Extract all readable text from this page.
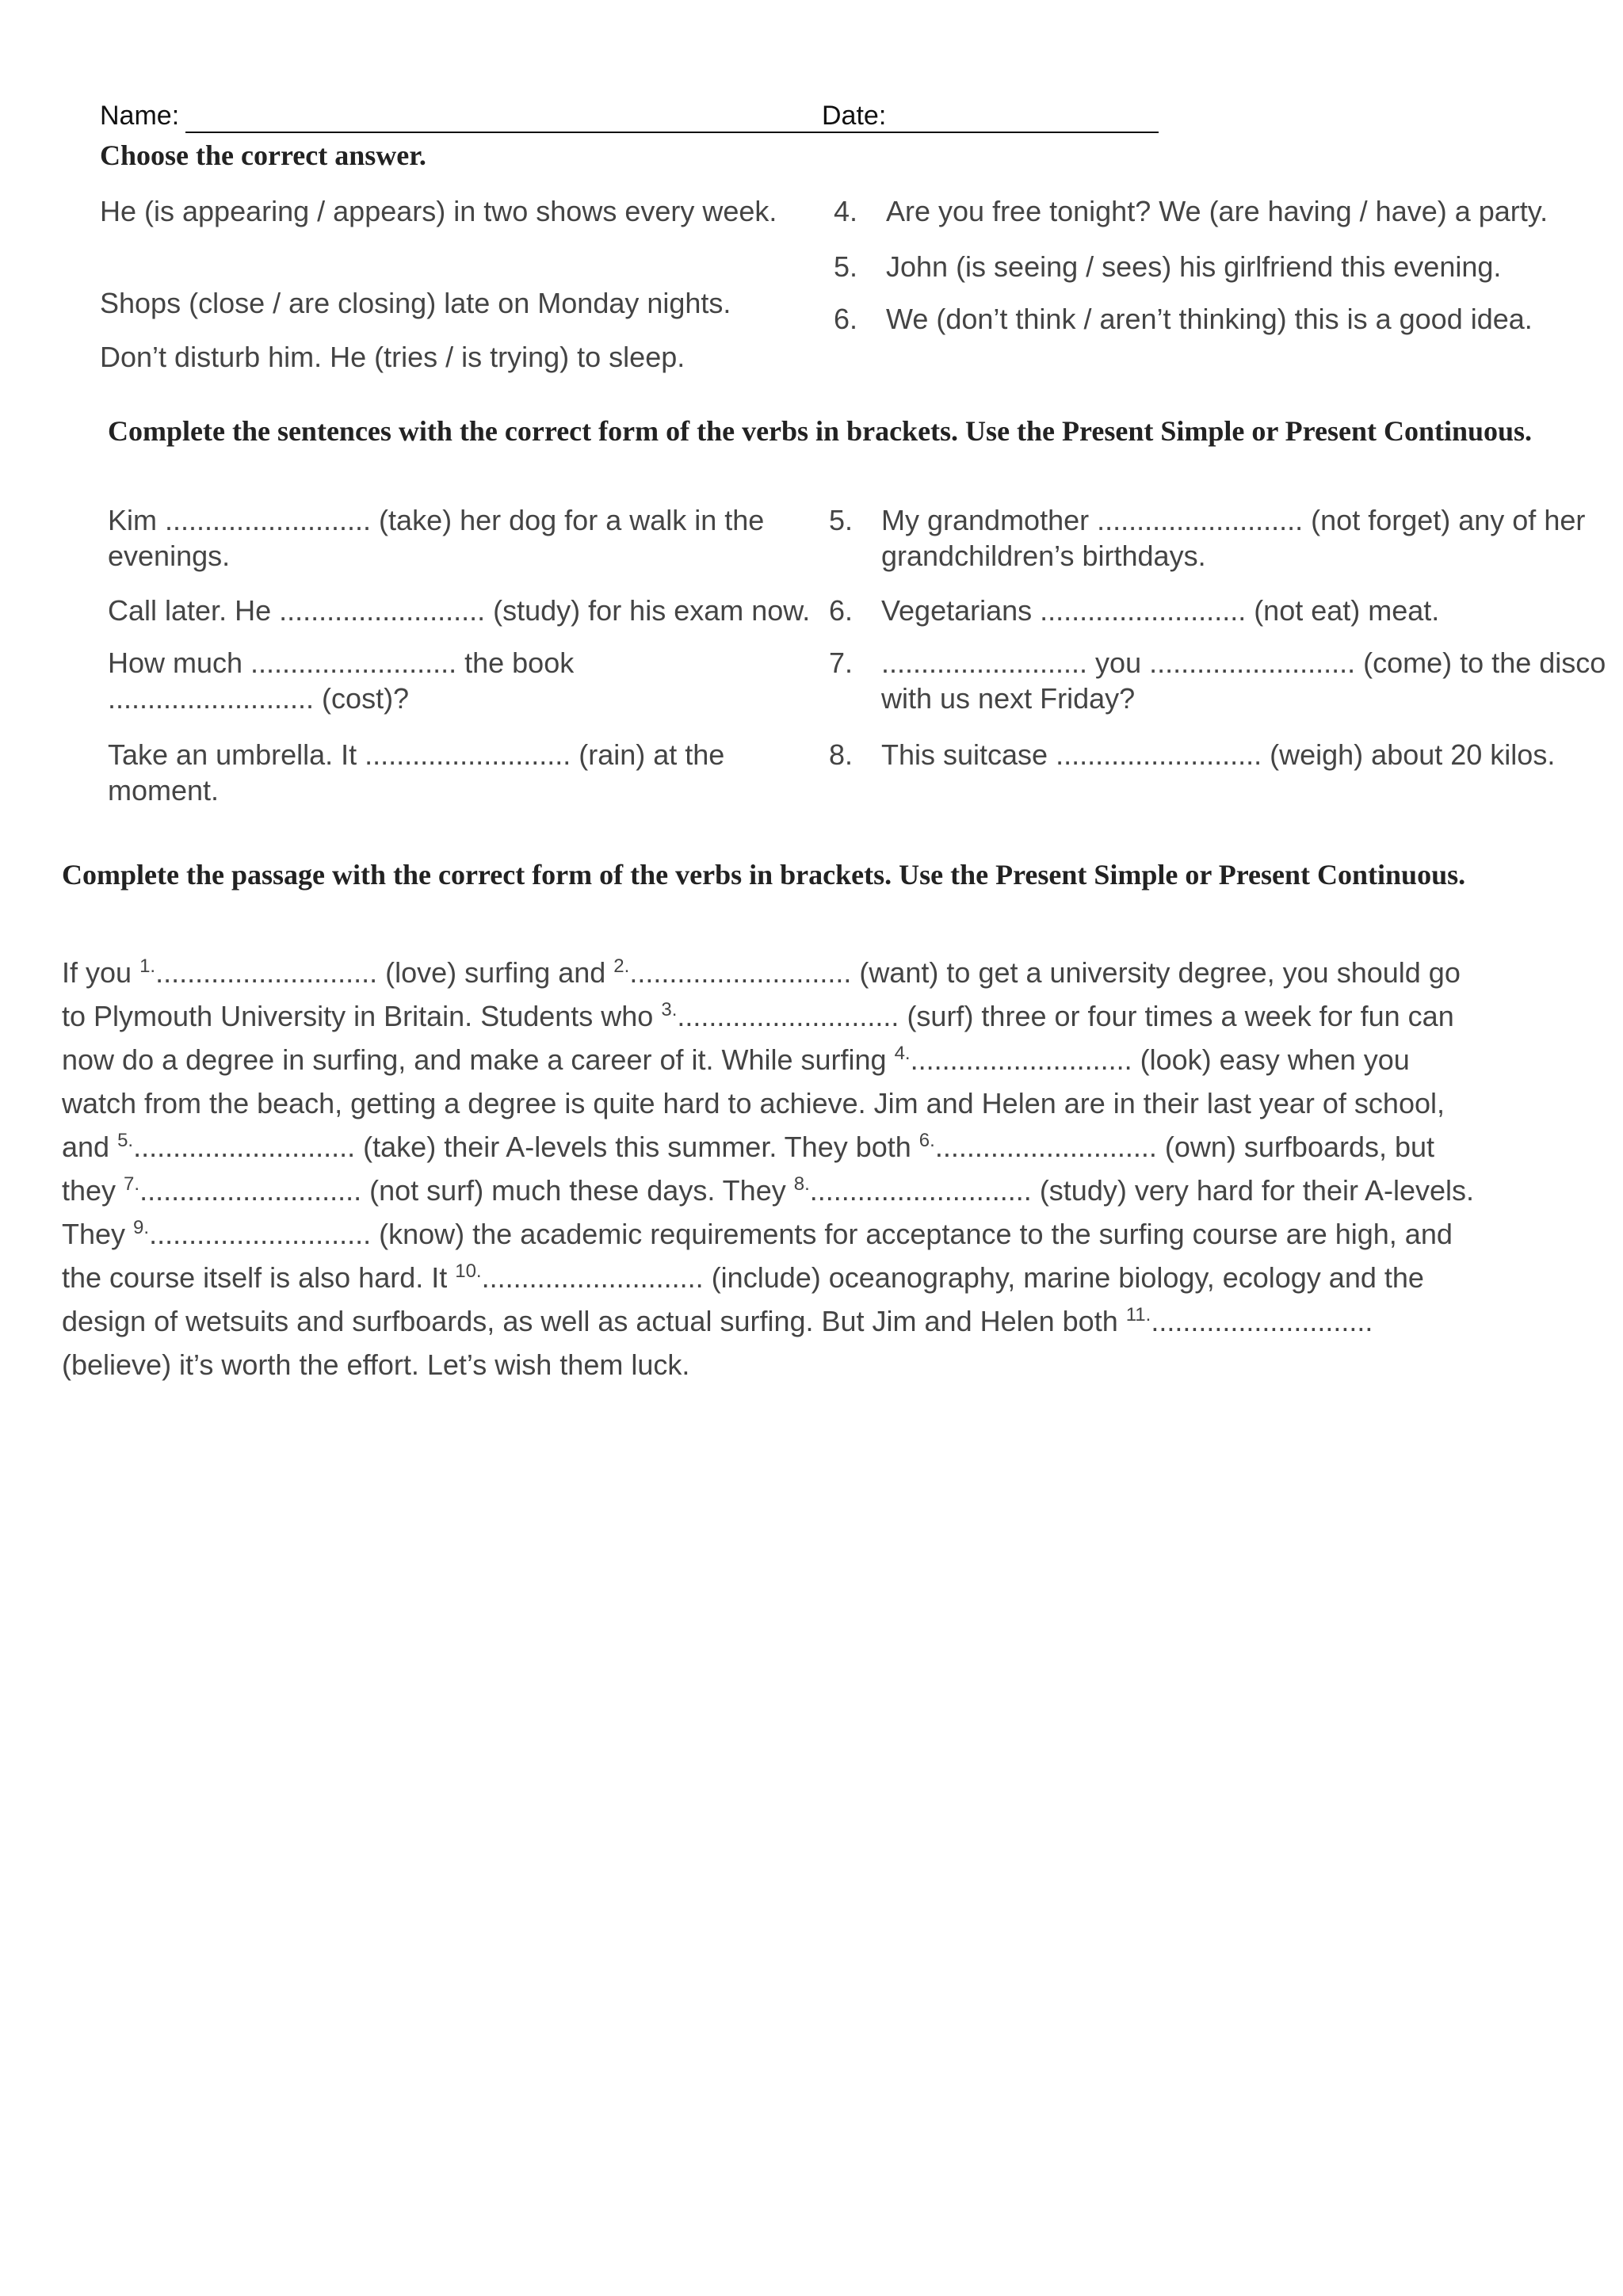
Name:	Date:
Choose the correct answer.
He (is appearing / appears) in two shows every week.
Shops (close / are closing) late on Monday nights.
Don’t disturb him. He (tries / is trying) to sleep.
4. Are you free tonight? We (are having / have) a party.
5. John (is seeing / sees) his girlfriend this evening.
6. We (don’t think / aren’t thinking) this is a good idea.
Complete the sentences with the correct form of the verbs in brackets. Use the Present Simple or Present Continuous.
Kim .......................... (take) her dog for a walk in the evenings.
Call later. He .......................... (study) for his exam now.
How much .......................... the book .......................... (cost)?
Take an umbrella. It .......................... (rain) at the moment.
5. My grandmother .......................... (not forget) any of her grandchildren’s birthdays.
6. Vegetarians .......................... (not eat) meat.
7. .......................... you .......................... (come) to the disco with us next Friday?
8. This suitcase .......................... (weigh) about 20 kilos.
Complete the passage with the correct form of the verbs in brackets. Use the Present Simple or Present Continuous.

If you $^{1.}$............................ (love) surfing and $^{2.}$............................ (want) to get a university degree, you should go to Plymouth University in Britain. Students who $^{3.}$............................ (surf) three or four times a week for fun can now do a degree in surfing, and make a career of it. While surfing $^{4.}$............................ (look) easy when you watch from the beach, getting a degree is quite hard to achieve. Jim and Helen are in their last year of school, and $^{5.}$............................ (take) their A-levels this summer. They both $^{6.}$............................ (own) surfboards, but they $^{7.}$............................ (not surf) much these days. They $^{8.}$............................ (study) very hard for their A-levels. They $^{9.}$............................ (know) the academic requirements for acceptance to the surfing course are high, and the course itself is also hard. It $^{10.}$............................ (include) oceanography, marine biology, ecology and the design of wetsuits and surfboards, as well as actual surfing. But Jim and Helen both $^{11.}$............................ (believe) it’s worth the effort. Let’s wish them luck.
